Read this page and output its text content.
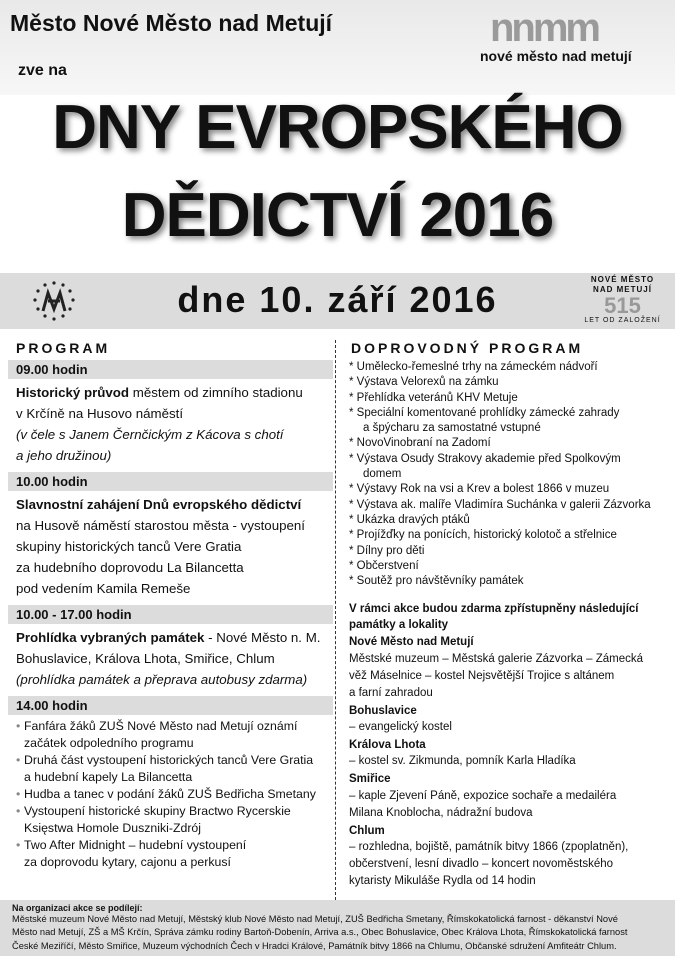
Město Nové Město nad Metují
zve na
nnmm
nové město nad metují
DNY EVROPSKÉHO
DĚDICTVÍ 2016
dne 10. září 2016	NOVÉ MĚSTO
NAD METUJÍ
515
LET OD ZALOŽENÍ
PROGRAM
09.00 hodin
Historický průvod městem od zimního stadionu
v Krčíně na Husovo náměstí
(v čele s Janem Černčickým z Kácova s chotí
a jeho družinou)
10.00 hodin
Slavnostní zahájení Dnů evropského dědictví
na Husově náměstí starostou města - vystoupení
skupiny historických tanců Vere Gratia
za hudebního doprovodu La Bilancetta
pod vedením Kamila Remeše
10.00 - 17.00 hodin
Prohlídka vybraných památek - Nové Město n. M.
Bohuslavice, Králova Lhota, Smiřice, Chlum
(prohlídka památek a přeprava autobusy zdarma)
14.00 hodin
• Fanfára žáků ZUŠ Nové Město nad Metují oznámí
začátek odpoledního programu
• Druhá část vystoupení historických tanců Vere Gratia
a hudební kapely La Bilancetta
• Hudba a tanec v podání žáků ZUŠ Bedřicha Smetany
• Vystoupení historické skupiny Bractwo Rycerskie
Księstwa Homole Duszniki-Zdrój
• Two After Midnight – hudební vystoupení
za doprovodu kytary, cajonu a perkusí
DOPROVODNÝ PROGRAM
* Umělecko-řemeslné trhy na zámeckém nádvoří
* Výstava Velorexů na zámku
* Přehlídka veteránů KHV Metuje
* Speciální komentované prohlídky zámecké zahrady
a špýcharu za samostatné vstupné
* NovoVinobraní na Zadomí
* Výstava Osudy Strakovy akademie před Spolkovým
domem
* Výstavy Rok na vsi a Krev a bolest 1866 v muzeu
* Výstava ak. malíře Vladimíra Suchánka v galerii Zázvorka
* Ukázka dravých ptáků
* Projížďky na ponících, historický kolotoč a střelnice
* Dílny pro děti
* Občerstvení
* Soutěž pro návštěvníky památek
V rámci akce budou zdarma zpřístupněny následující
památky a lokality
Nové Město nad Metují
Městské muzeum – Městská galerie Zázvorka – Zámecká
věž Máselnice – kostel Nejsvětější Trojice s altánem
a farní zahradou
Bohuslavice
– evangelický kostel
Králova Lhota
– kostel sv. Zikmunda, pomník Karla Hladíka
Smiřice
– kaple Zjevení Páně, expozice sochaře a medailéra
Milana Knoblocha, nádražní budova
Chlum
– rozhledna, bojiště, památník bitvy 1866 (zpoplatněn),
občerstvení, lesní divadlo – koncert novoměstského
kytaristy Mikuláše Rydla od 14 hodin
Na organizaci akce se podílejí:
Městské muzeum Nové Město nad Metují, Městský klub Nové Město nad Metují, ZUŠ Bedřicha Smetany, Římskokatolická farnost - děkanství Nové
Město nad Metují, ZŠ a MŠ Krčín, Správa zámku rodiny Bartoň-Dobenín, Arriva a.s., Obec Bohuslavice, Obec Králova Lhota, Římskokatolická farnost
České Meziříčí, Město Smiřice, Muzeum východních Čech v Hradci Králové, Památník bitvy 1866 na Chlumu, Občanské sdružení Amfiteátr Chlum.
